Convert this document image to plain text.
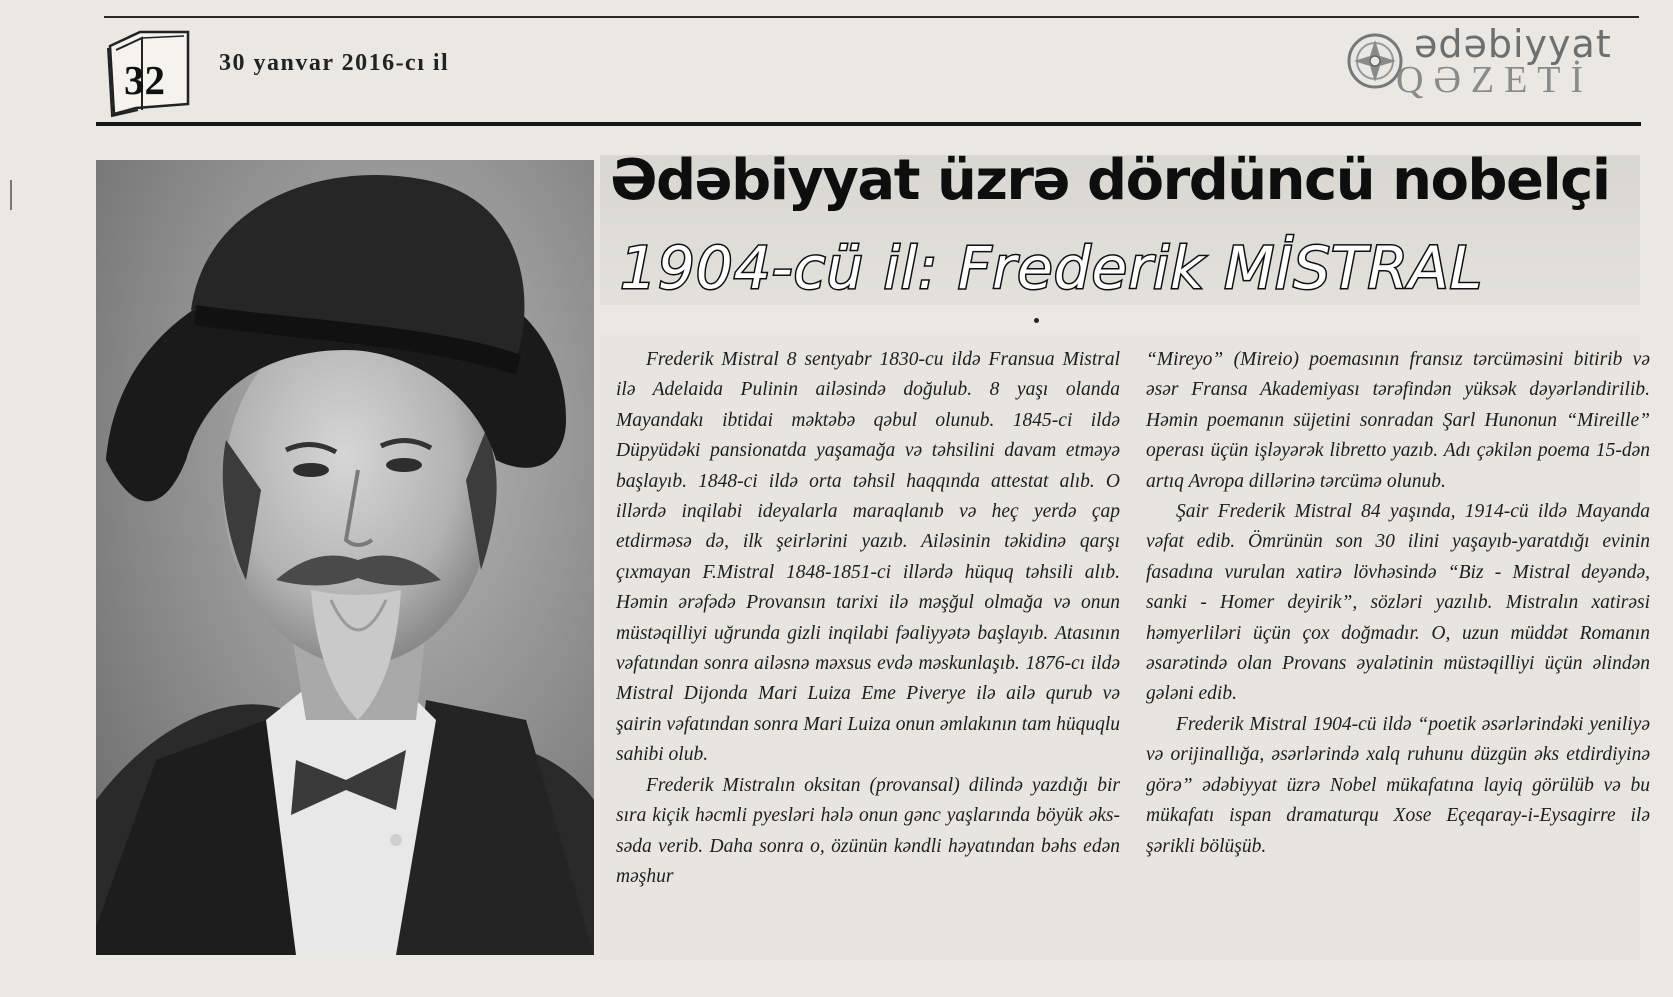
32 30 yanvar 2016-cı il	ədəbiyyat
QƏZETİ
Ədəbiyyat üzrə dördüncü nobelçi
1904-cü il: Frederik MİSTRAL

Frederik Mistral 8 sentyabr 1830-cu ildə Fransua Mistral ilə Adelaida Pulinin ailəsində doğulub. 8 yaşı olanda Mayandakı ibtidai məktəbə qəbul olunub. 1845-ci ildə Düpyüdəki pansionatda yaşamağa və təhsilini davam etməyə başlayıb. 1848-ci ildə orta təhsil haqqında attestat alıb. O illərdə inqilabi ideyalarla maraqlanıb və heç yerdə çap etdirməsə də, ilk şeirlərini yazıb. Ailəsinin təkidinə qarşı çıxmayan F.Mistral 1848-1851-ci illərdə hüquq təhsili alıb. Həmin ərəfədə Provansın tarixi ilə məşğul olmağa və onun müstəqilliyi uğrunda gizli inqilabi fəaliyyətə başlayıb. Atasının vəfatından sonra ailəsnə məxsus evdə məskunlaşıb. 1876-cı ildə Mistral Dijonda Mari Luiza Eme Piverye ilə ailə qurub və şairin vəfatından sonra Mari Luiza onun əmlakının tam hüquqlu sahibi olub.

Frederik Mistralın oksitan (provansal) dilində yazdığı bir sıra kiçik həcmli pyesləri hələ onun gənc yaşlarında böyük əks-səda verib. Daha sonra o, özünün kəndli həyatından bəhs edən məşhur

“Mireyo” (Mireio) poemasının fransız tərcüməsini bitirib və əsər Fransa Akademiyası tərəfindən yüksək dəyərləndirilib. Həmin poemanın süjetini sonradan Şarl Hunonun “Mireille” operası üçün işləyərək libretto yazıb. Adı çəkilən poema 15-dən artıq Avropa dillərinə tərcümə olunub.

Şair Frederik Mistral 84 yaşında, 1914-cü ildə Mayanda vəfat edib. Ömrünün son 30 ilini yaşayıb-yaratdığı evinin fasadına vurulan xatirə lövhəsində “Biz - Mistral deyəndə, sanki - Homer deyirik”, sözləri yazılıb. Mistralın xatirəsi həmyerliləri üçün çox doğmadır. O, uzun müddət Romanın əsarətində olan Provans əyalətinin müstəqilliyi üçün əlindən gələni edib.

Frederik Mistral 1904-cü ildə “poetik əsərlərindəki yeniliyə və orijinallığa, əsərlərində xalq ruhunu düzgün əks etdirdiyinə görə” ədəbiyyat üzrə Nobel mükafatına layiq görülüb və bu mükafatı ispan dramaturqu Xose Eçeqaray-i-Eysagirre ilə şərikli bölüşüb.
